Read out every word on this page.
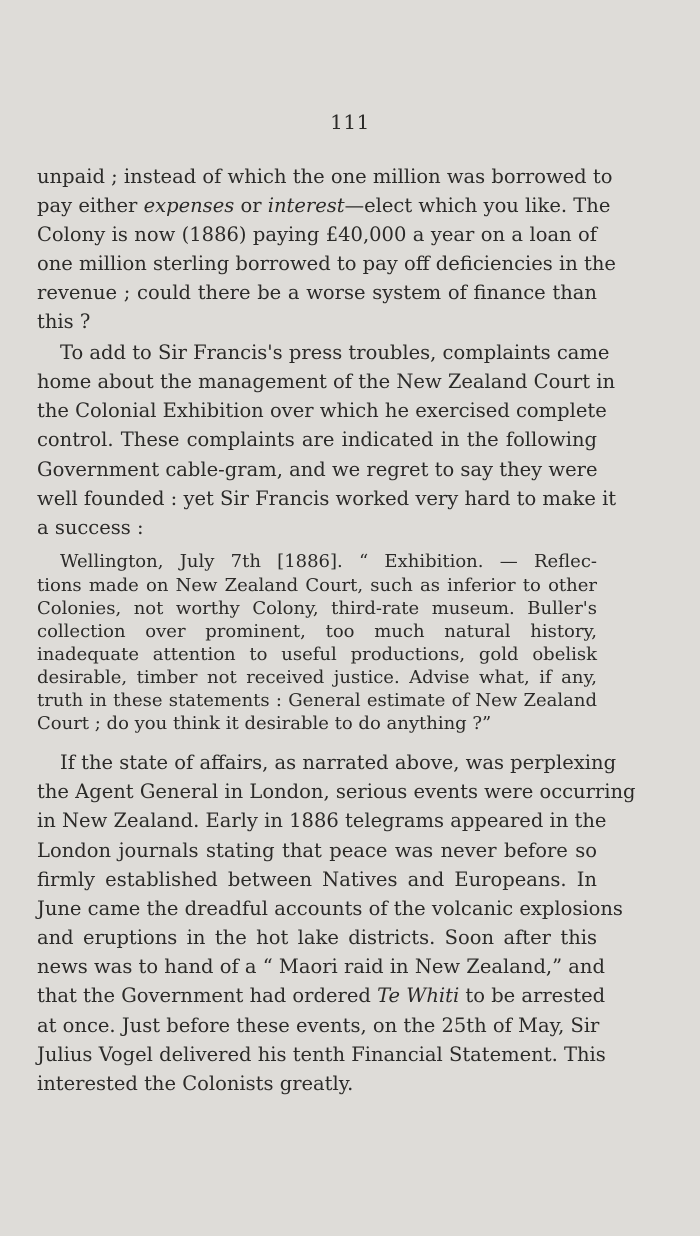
111
unpaid ; instead of which the one million was borrowed to
pay either expenses or interest—elect which you like. The
Colony is now (1886) paying £40,000 a year on a loan of
one million sterling borrowed to pay off deficiencies in the
revenue ; could there be a worse system of finance than
this ?
To add to Sir Francis's press troubles, complaints came
home about the management of the New Zealand Court in
the Colonial Exhibition over which he exercised complete
control. These complaints are indicated in the following
Government cable-gram, and we regret to say they were
well founded : yet Sir Francis worked very hard to make it
a success :
Wellington, July 7th [1886]. “ Exhibition. — Reflec-
tions made on New Zealand Court, such as inferior to other
Colonies, not worthy Colony, third-rate museum. Buller's
collection over prominent, too much natural history,
inadequate attention to useful productions, gold obelisk
desirable, timber not received justice. Advise what, if any,
truth in these statements : General estimate of New Zealand
Court ; do you think it desirable to do anything ?”
If the state of affairs, as narrated above, was perplexing
the Agent General in London, serious events were occurring
in New Zealand. Early in 1886 telegrams appeared in the
London journals stating that peace was never before so
firmly established between Natives and Europeans. In
June came the dreadful accounts of the volcanic explosions
and eruptions in the hot lake districts. Soon after this
news was to hand of a “ Maori raid in New Zealand,” and
that the Government had ordered Te Whiti to be arrested
at once. Just before these events, on the 25th of May, Sir
Julius Vogel delivered his tenth Financial Statement. This
interested the Colonists greatly.
